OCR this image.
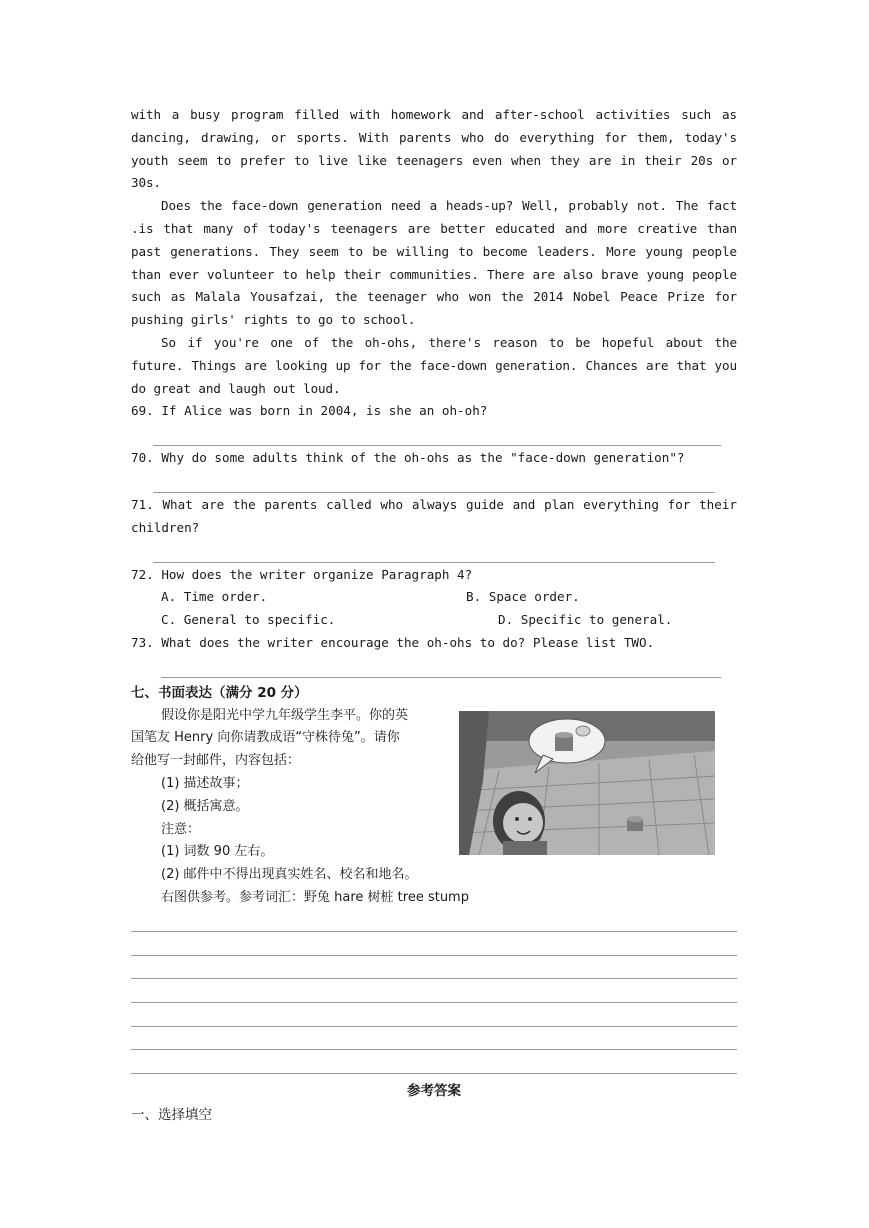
with a busy program filled with homework and after-school activities such as dancing, drawing, or sports. With parents who do everything for them, today's youth seem to prefer to live like teenagers even when they are in their 20s or 30s.

Does the face-down generation need a heads-up? Well, probably not. The fact .is that many of today's teenagers are better educated and more creative than past generations. They seem to be willing to become leaders. More young people than ever volunteer to help their communities. There are also brave young people such as Malala Yousafzai, the teenager who won the 2014 Nobel Peace Prize for pushing girls' rights to go to school.

So if you're one of the oh-ohs, there's reason to be hopeful about the future. Things are looking up for the face-down generation. Chances are that you do great and laugh out loud.

69. If Alice was born in 2004, is she an oh-oh?

70. Why do some adults think of the oh-ohs as the "face-down generation"?

71. What are the parents called who always guide and plan everything for their children?

72. How does the writer organize Paragraph 4?

A. Time order.	B. Space order.
C. General to specific.	D. Specific to general.

73. What does the writer encourage the oh-ohs to do? Please list TWO.

七、书面表达（满分 20 分）

假设你是阳光中学九年级学生李平。你的英

国笔友 Henry 向你请教成语“守株待兔”。请你

给他写一封邮件，内容包括：

(1) 描述故事；

(2) 概括寓意。

注意：

(1) 词数 90 左右。

(2) 邮件中不得出现真实姓名、校名和地名。

右图供参考。参考词汇：野兔 hare 树桩 tree stump

参考答案
一、选择填空
